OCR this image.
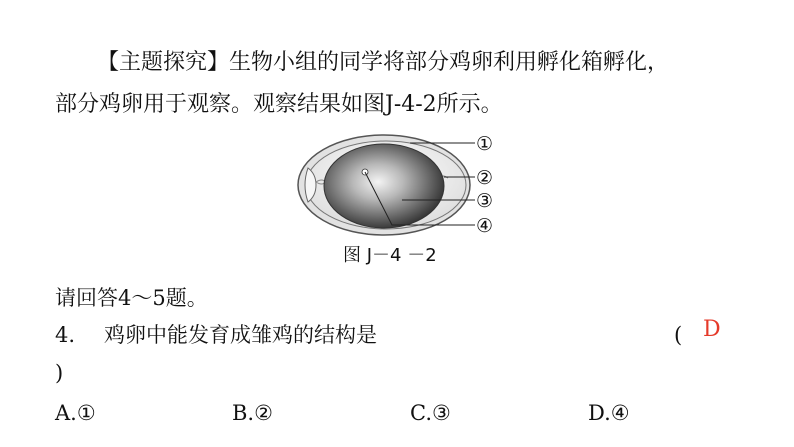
【主题探究】生物小组的同学将部分鸡卵利用孵化箱孵化，
部分鸡卵用于观察。观察结果如图J-4-2所示。
①
②
③
④
图 J－4 －2
请回答4～5题。
4. 鸡卵中能发育成雏鸡的结构是	( D
)
A.①	B.②	C.③	D.④
